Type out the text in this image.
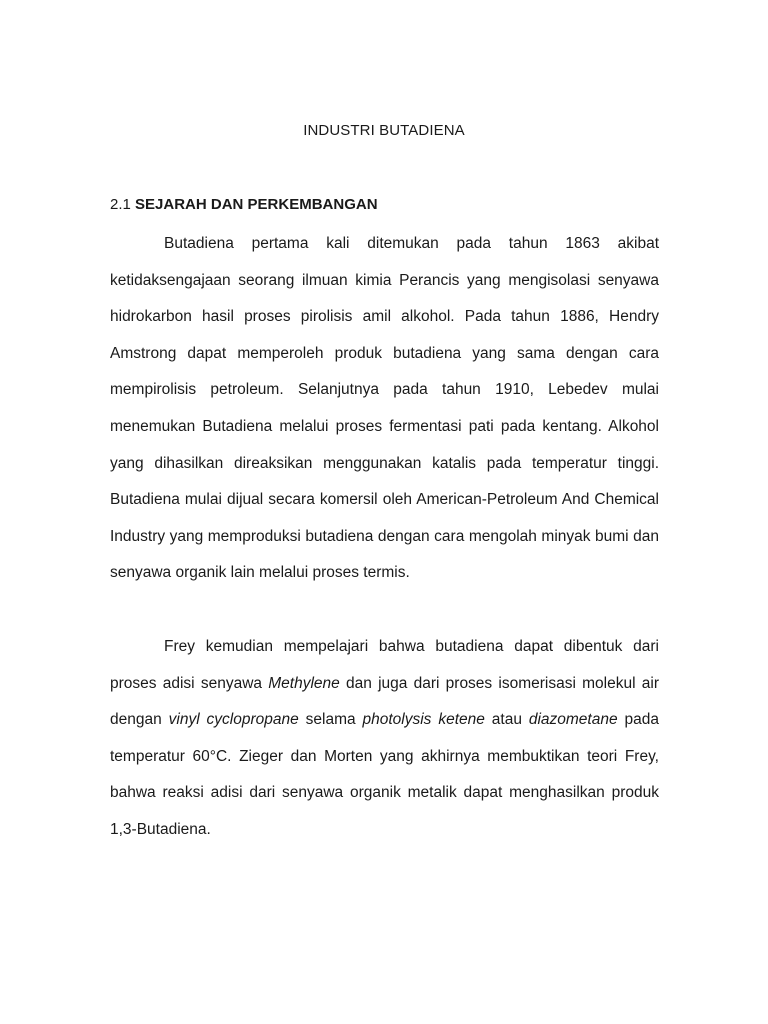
INDUSTRI BUTADIENA
2.1 SEJARAH DAN PERKEMBANGAN

Butadiena pertama kali ditemukan pada tahun 1863 akibat ketidaksengajaan seorang ilmuan kimia Perancis yang mengisolasi senyawa hidrokarbon hasil proses pirolisis amil alkohol. Pada tahun 1886, Hendry Amstrong dapat memperoleh produk butadiena yang sama dengan cara mempirolisis petroleum. Selanjutnya pada tahun 1910, Lebedev mulai menemukan Butadiena melalui proses fermentasi pati pada kentang. Alkohol yang dihasilkan direaksikan menggunakan katalis pada temperatur tinggi. Butadiena mulai dijual secara komersil oleh American-Petroleum And Chemical Industry yang memproduksi butadiena dengan cara mengolah minyak bumi dan senyawa organik lain melalui proses termis.

Frey kemudian mempelajari bahwa butadiena dapat dibentuk dari proses adisi senyawa Methylene dan juga dari proses isomerisasi molekul air dengan vinyl cyclopropane selama photolysis ketene atau diazometane pada temperatur 60°C. Zieger dan Morten yang akhirnya membuktikan teori Frey, bahwa reaksi adisi dari senyawa organik metalik dapat menghasilkan produk 1,3-Butadiena.
